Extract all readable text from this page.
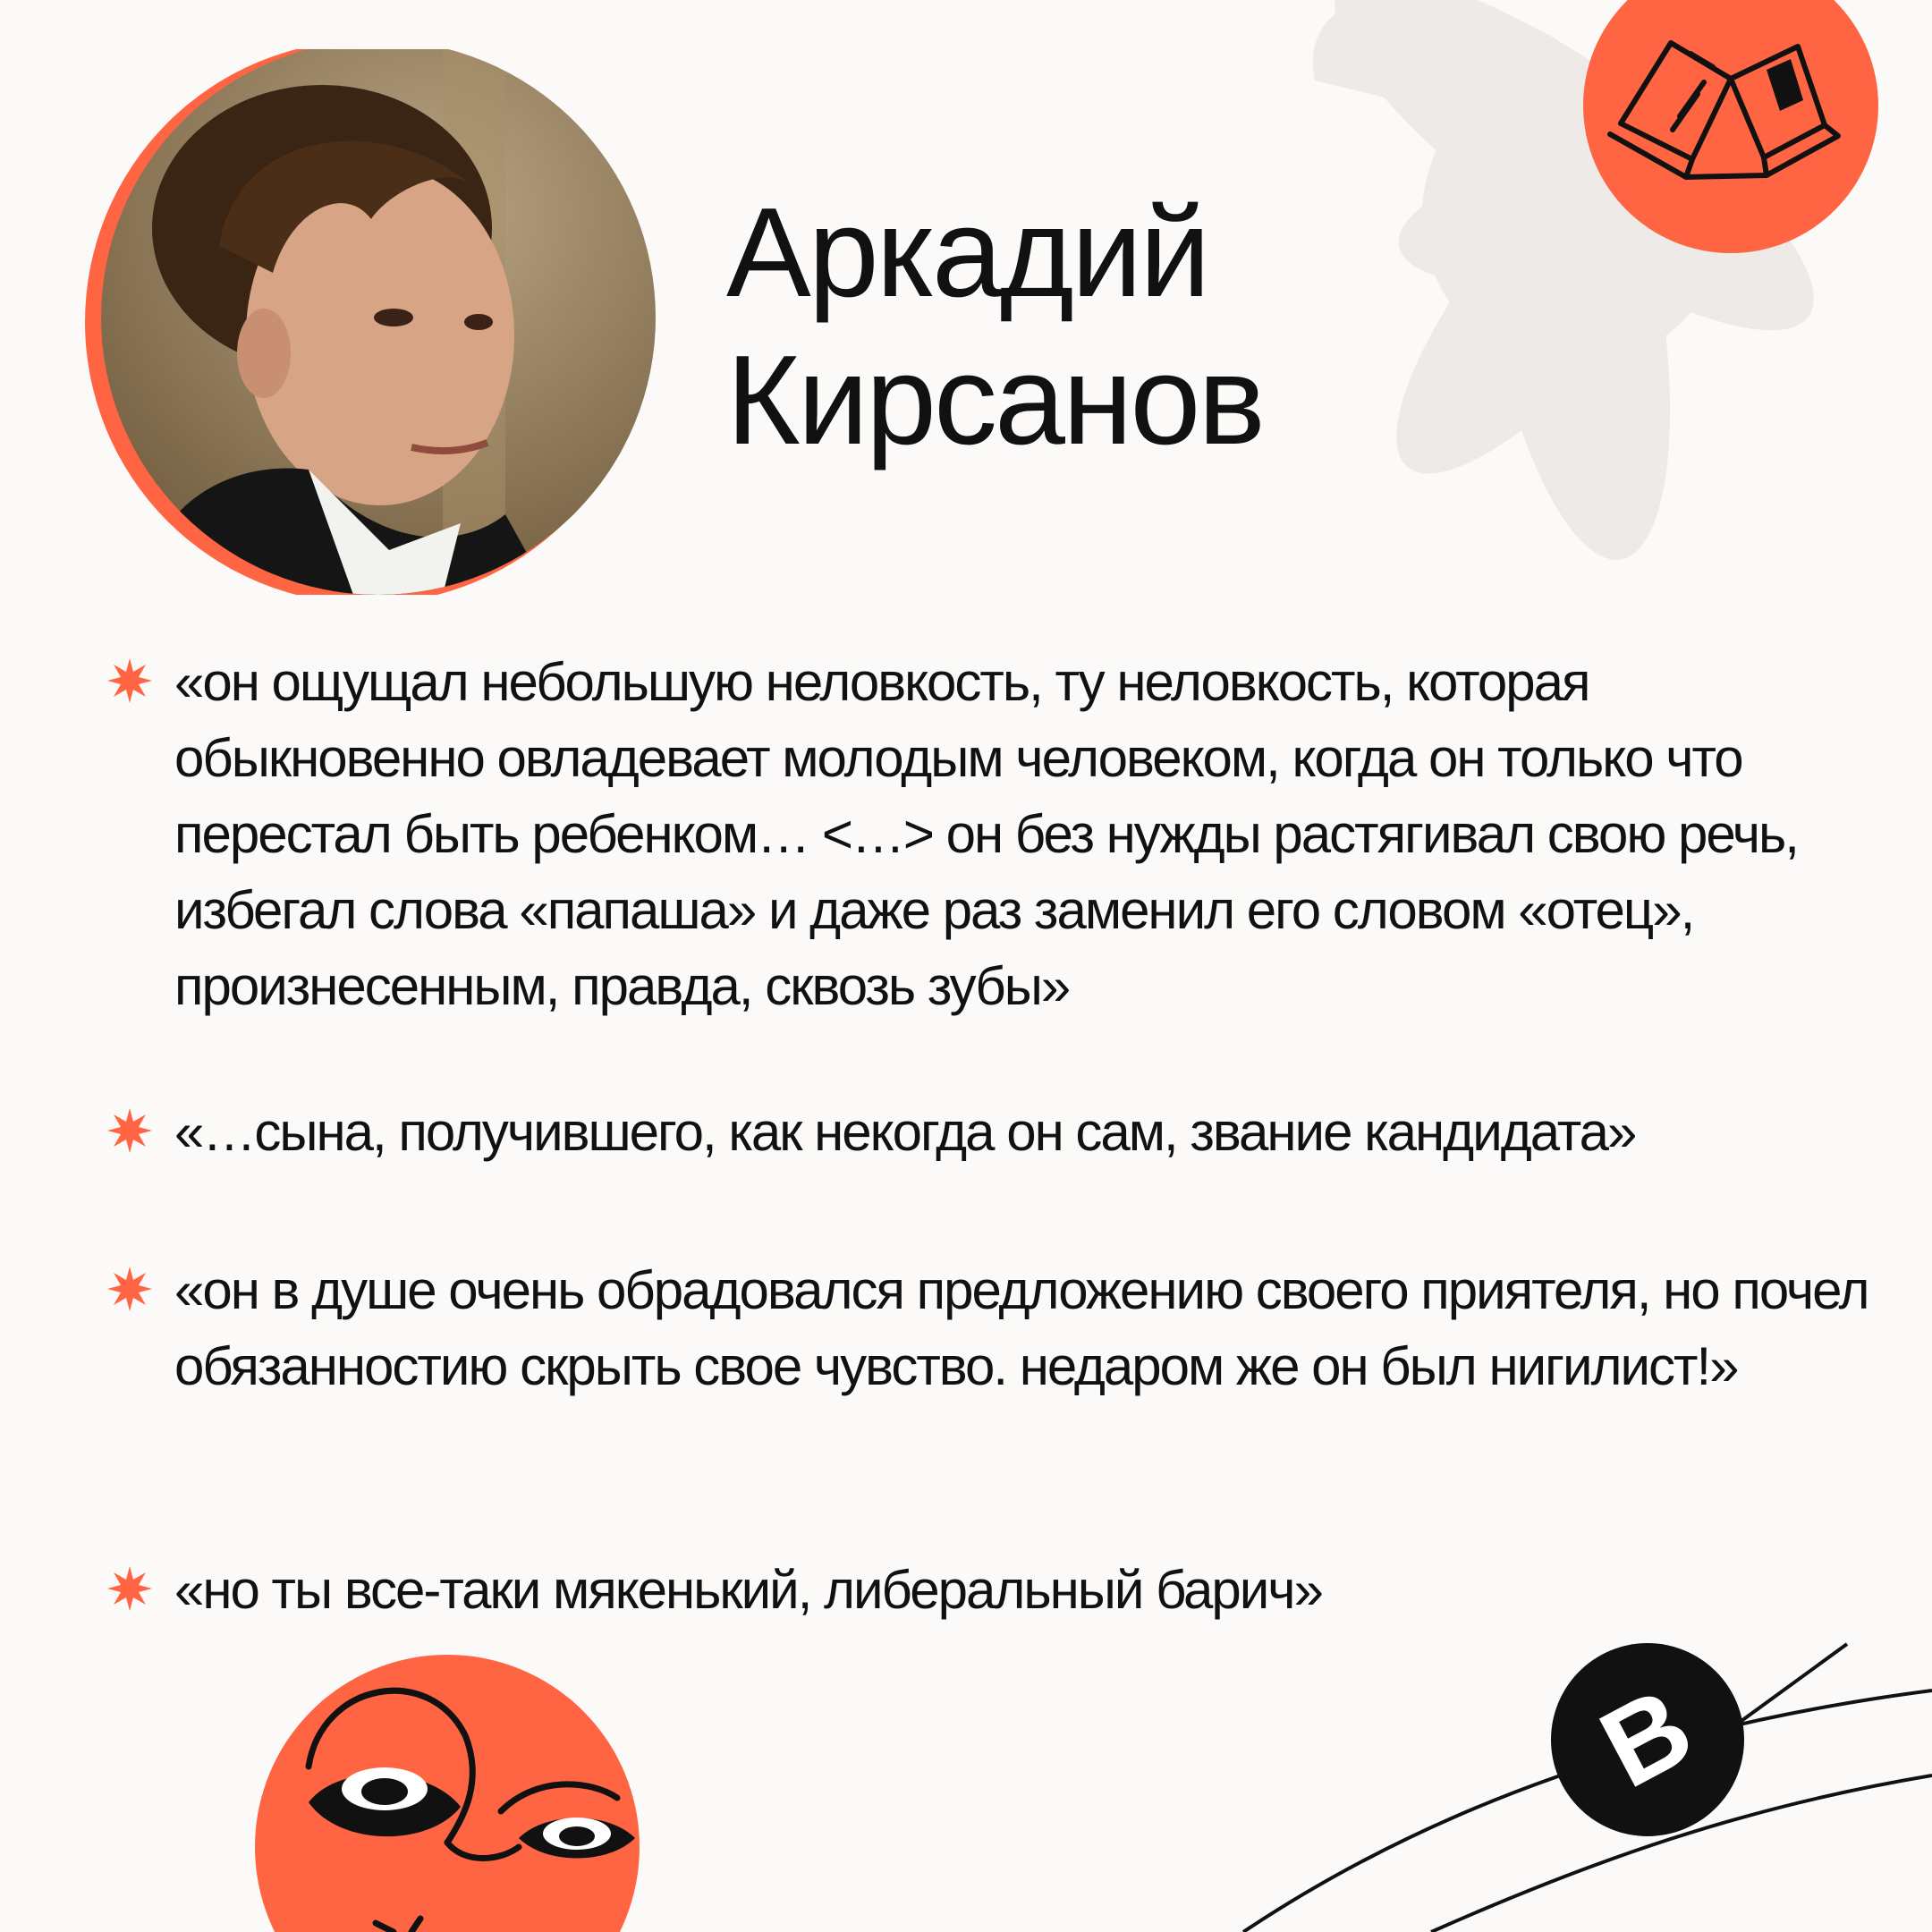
Аркадий
Кирсанов
«он ощущал небольшую неловкость, ту неловкость, которая обыкновенно овладевает молодым человеком, когда он только что перестал быть ребенком… <…> он без нужды растягивал свою речь, избегал слова «папаша» и даже раз заменил его словом «отец», произнесенным, правда, сквозь зубы»
«…сына, получившего, как некогда он сам, звание кандидата»
«он в душе очень обрадовался предложению своего приятеля, но почел обязанностию скрыть свое чувство. недаром же он был нигилист!»
«но ты все-таки мякенький, либеральный барич»
B
